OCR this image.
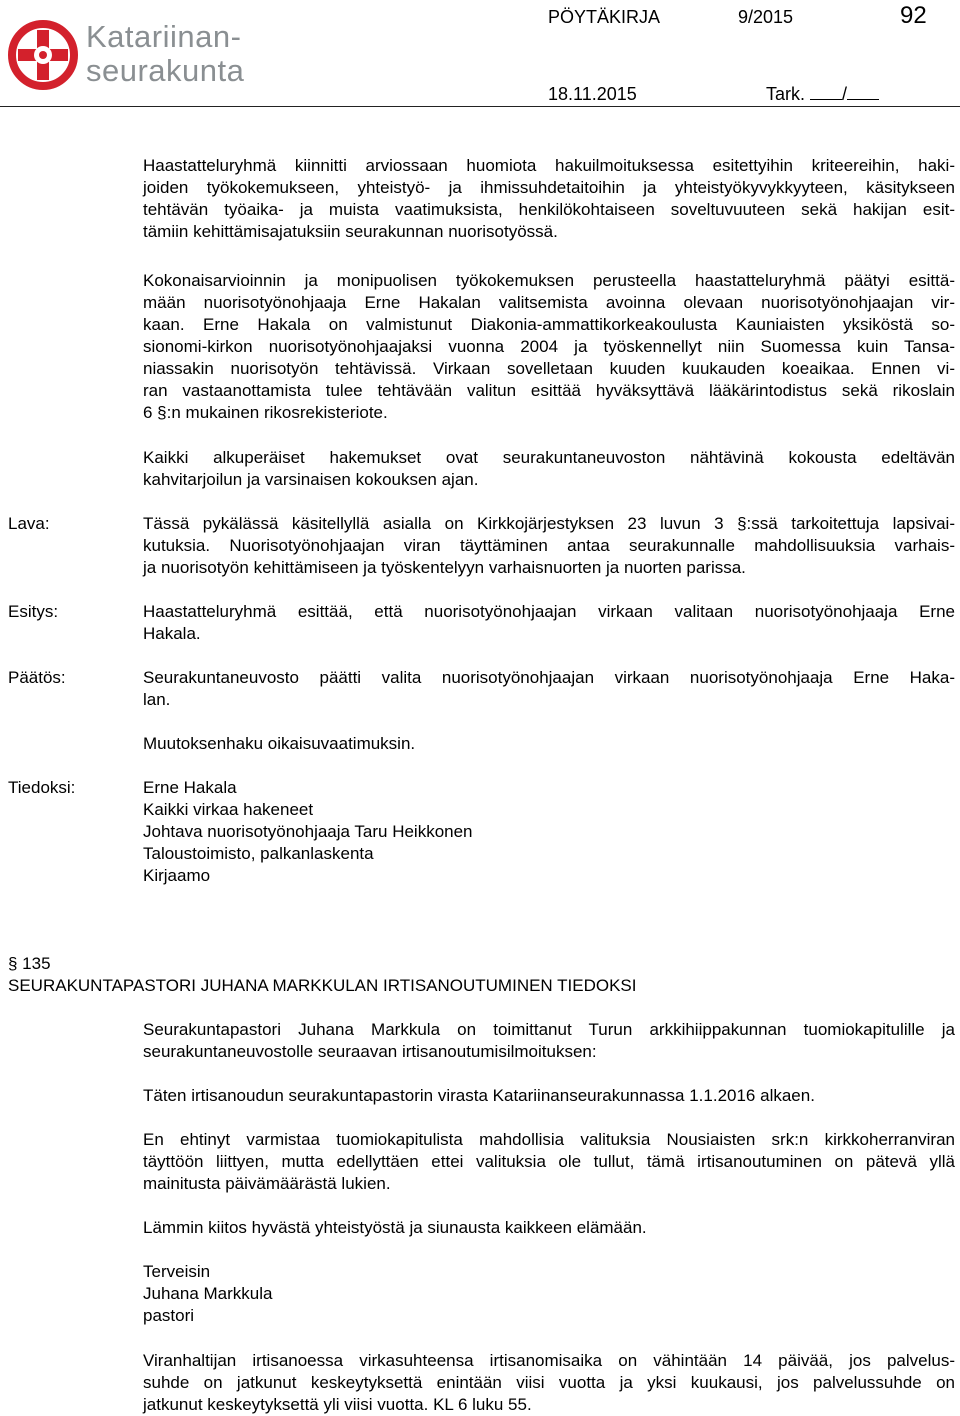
Katariinan-
seurakunta
PÖYTÄKIRJA	9/2015	92
18.11.2015	Tark. /
Haastatteluryhmä kiinnitti arviossaan huomiota hakuilmoituksessa esitettyihin kriteereihin, haki-
joiden työkokemukseen, yhteistyö- ja ihmissuhdetaitoihin ja yhteistyökyvykkyyteen, käsitykseen
tehtävän työaika- ja muista vaatimuksista, henkilökohtaiseen soveltuvuuteen sekä hakijan esit-
tämiin kehittämisajatuksiin seurakunnan nuorisotyössä.
Kokonaisarvioinnin ja monipuolisen työkokemuksen perusteella haastatteluryhmä päätyi esittä-
mään nuorisotyönohjaaja Erne Hakalan valitsemista avoinna olevaan nuorisotyönohjaajan vir-
kaan. Erne Hakala on valmistunut Diakonia-ammattikorkeakoulusta Kauniaisten yksiköstä so-
sionomi-kirkon nuorisotyönohjaajaksi vuonna 2004 ja työskennellyt niin Suomessa kuin Tansa-
niassakin nuorisotyön tehtävissä. Virkaan sovelletaan kuuden kuukauden koeaikaa. Ennen vi-
ran vastaanottamista tulee tehtävään valitun esittää hyväksyttävä lääkärintodistus sekä rikoslain
6 §:n mukainen rikosrekisteriote.
Kaikki alkuperäiset hakemukset ovat seurakuntaneuvoston nähtävinä kokousta edeltävän
kahvitarjoilun ja varsinaisen kokouksen ajan.
Lava:	Tässä pykälässä käsitellyllä asialla on Kirkkojärjestyksen 23 luvun 3 §:ssä tarkoitettuja lapsivai-
kutuksia. Nuorisotyönohjaajan viran täyttäminen antaa seurakunnalle mahdollisuuksia varhais-
ja nuorisotyön kehittämiseen ja työskentelyyn varhaisnuorten ja nuorten parissa.
Esitys:	Haastatteluryhmä esittää, että nuorisotyönohjaajan virkaan valitaan nuorisotyönohjaaja Erne
Hakala.
Päätös:	Seurakuntaneuvosto päätti valita nuorisotyönohjaajan virkaan nuorisotyönohjaaja Erne Haka-
lan.
Muutoksenhaku oikaisuvaatimuksin.
Tiedoksi:	Erne Hakala
Kaikki virkaa hakeneet
Johtava nuorisotyönohjaaja Taru Heikkonen
Taloustoimisto, palkanlaskenta
Kirjaamo
§ 135
SEURAKUNTAPASTORI JUHANA MARKKULAN IRTISANOUTUMINEN TIEDOKSI
Seurakuntapastori Juhana Markkula on toimittanut Turun arkkihiippakunnan tuomiokapitulille ja
seurakuntaneuvostolle seuraavan irtisanoutumisilmoituksen:
Täten irtisanoudun seurakuntapastorin virasta Katariinanseurakunnassa 1.1.2016 alkaen.
En ehtinyt varmistaa tuomiokapitulista mahdollisia valituksia Nousiaisten srk:n kirkkoherranviran
täyttöön liittyen, mutta edellyttäen ettei valituksia ole tullut, tämä irtisanoutuminen on pätevä yllä
mainitusta päivämäärästä lukien.
Lämmin kiitos hyvästä yhteistyöstä ja siunausta kaikkeen elämään.
Terveisin
Juhana Markkula
pastori
Viranhaltijan irtisanoessa virkasuhteensa irtisanomisaika on vähintään 14 päivää, jos palvelus-
suhde on jatkunut keskeytyksettä enintään viisi vuotta ja yksi kuukausi, jos palvelussuhde on
jatkunut keskeytyksettä yli viisi vuotta. KL 6 luku 55.
